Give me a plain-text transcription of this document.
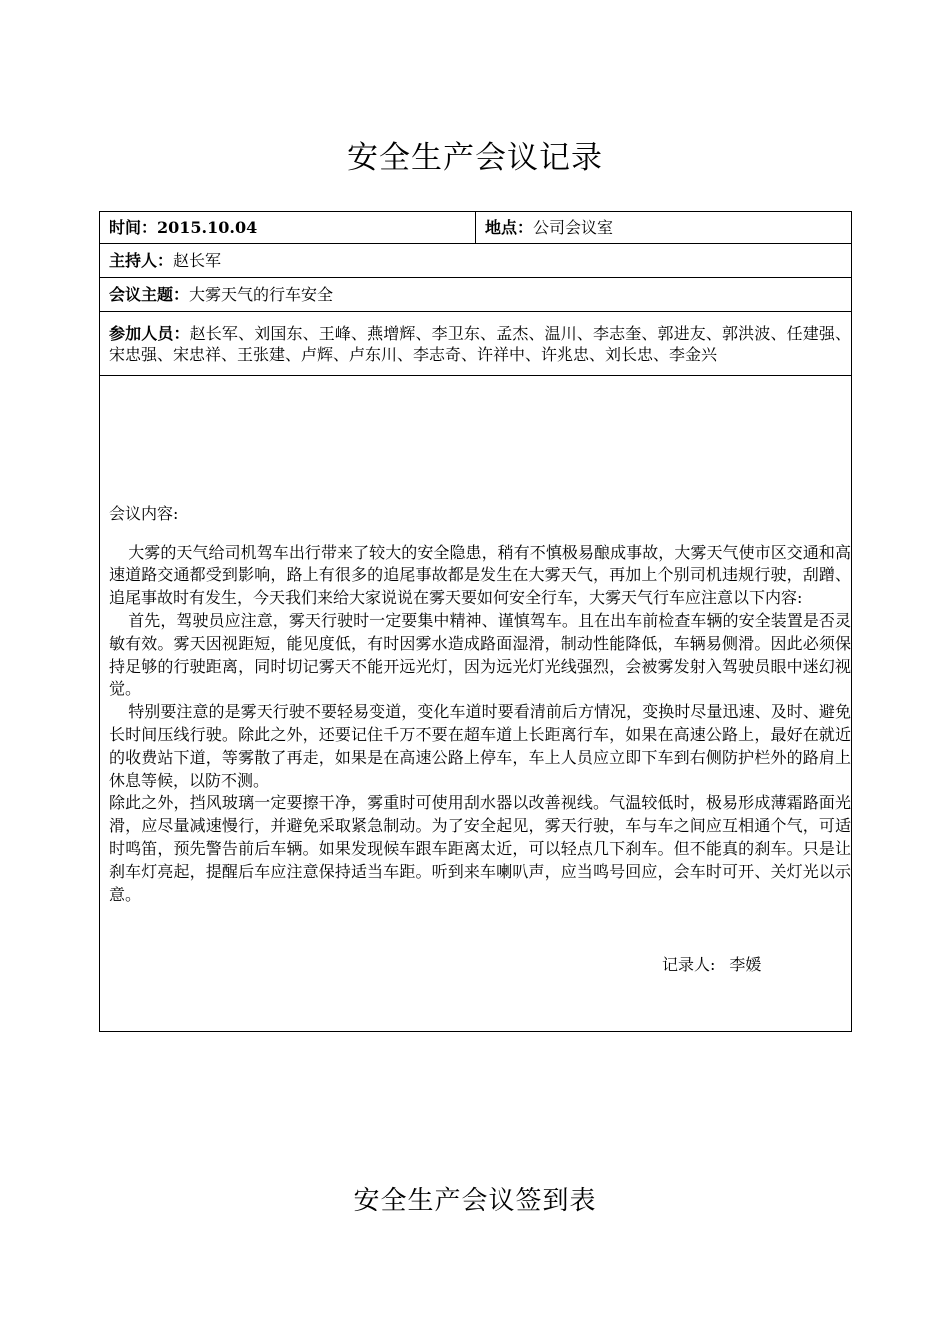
安全生产会议记录
时间：2015.10.04	地点：公司会议室
主持人：赵长军
会议主题：大雾天气的行车安全

参加人员：赵长军、刘国东、王峰、燕增辉、李卫东、孟杰、温川、李志奎、郭进友、郭洪波、任建强、宋忠强、宋忠祥、王张建、卢辉、卢东川、李志奇、许祥中、许兆忠、刘长忠、李金兴

会议内容:

大雾的天气给司机驾车出行带来了较大的安全隐患，稍有不慎极易酿成事故，大雾天气使市区交通和高速道路交通都受到影响，路上有很多的追尾事故都是发生在大雾天气，再加上个别司机违规行驶，刮蹭、追尾事故时有发生，今天我们来给大家说说在雾天要如何安全行车，大雾天气行车应注意以下内容:

首先，驾驶员应注意，雾天行驶时一定要集中精神、谨慎驾车。且在出车前检查车辆的安全装置是否灵敏有效。雾天因视距短，能见度低，有时因雾水造成路面湿滑，制动性能降低，车辆易侧滑。因此必须保持足够的行驶距离，同时切记雾天不能开远光灯，因为远光灯光线强烈，会被雾发射入驾驶员眼中迷幻视觉。

特别要注意的是雾天行驶不要轻易变道，变化车道时要看清前后方情况，变换时尽量迅速、及时、避免长时间压线行驶。除此之外，还要记住千万不要在超车道上长距离行车，如果在高速公路上，最好在就近的收费站下道，等雾散了再走，如果是在高速公路上停车，车上人员应立即下车到右侧防护栏外的路肩上休息等候，以防不测。

除此之外，挡风玻璃一定要擦干净，雾重时可使用刮水器以改善视线。气温较低时，极易形成薄霜路面光滑，应尽量减速慢行，并避免采取紧急制动。为了安全起见，雾天行驶，车与车之间应互相通个气，可适时鸣笛，预先警告前后车辆。如果发现候车跟车距离太近，可以轻点几下刹车。但不能真的刹车。只是让刹车灯亮起，提醒后车应注意保持适当车距。听到来车喇叭声，应当鸣号回应，会车时可开、关灯光以示意。

记录人: 李媛
安全生产会议签到表
